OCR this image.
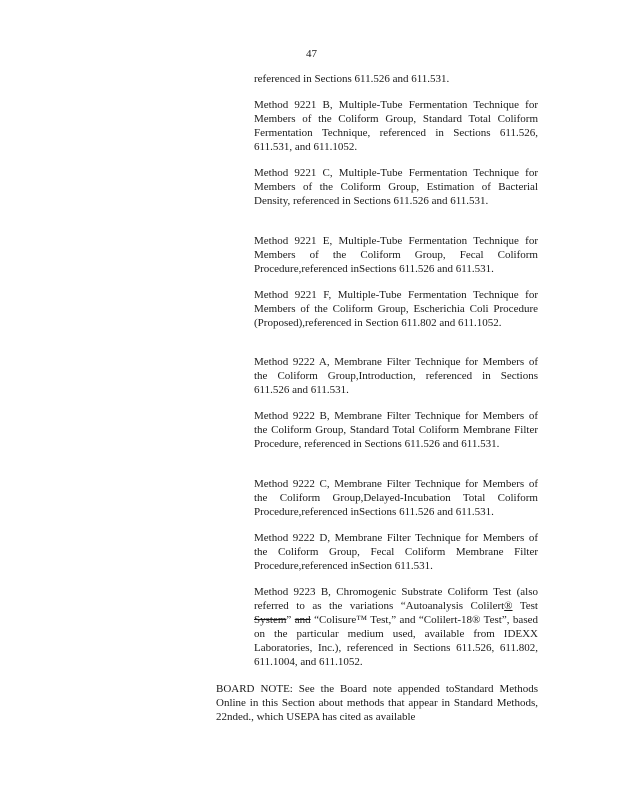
47
referenced in Sections 611.526 and 611.531.

Method 9221 B, Multiple-Tube Fermentation Technique for Members of the Coliform Group, Standard Total Coliform Fermentation Technique, referenced in Sections 611.526, 611.531, and 611.1052.

Method 9221 C, Multiple-Tube Fermentation Technique for Members of the Coliform Group, Estimation of Bacterial Density, referenced in Sections 611.526 and 611.531.

Method 9221 E, Multiple-Tube Fermentation Technique for Members of the Coliform Group, Fecal Coliform Procedure,referenced inSections 611.526 and 611.531.

Method 9221 F, Multiple-Tube Fermentation Technique for Members of the Coliform Group, Escherichia Coli Procedure (Proposed),referenced in Section 611.802 and 611.1052.

Method 9222 A, Membrane Filter Technique for Members of the Coliform Group,Introduction, referenced in Sections 611.526 and 611.531.

Method 9222 B, Membrane Filter Technique for Members of the Coliform Group, Standard Total Coliform Membrane Filter Procedure, referenced in Sections 611.526 and 611.531.

Method 9222 C, Membrane Filter Technique for Members of the Coliform Group,Delayed-Incubation Total Coliform Procedure,referenced inSections 611.526 and 611.531.

Method 9222 D, Membrane Filter Technique for Members of the Coliform Group, Fecal Coliform Membrane Filter Procedure,referenced inSection 611.531.

Method 9223 B, Chromogenic Substrate Coliform Test (also referred to as the variations “Autoanalysis Colilert® Test System” and “Colisure™ Test,” and “Colilert-18® Test”, based on the particular medium used, available from IDEXX Laboratories, Inc.), referenced in Sections 611.526, 611.802, 611.1004, and 611.1052.

BOARD NOTE: See the Board note appended toStandard Methods Online in this Section about methods that appear in Standard Methods, 22nded., which USEPA has cited as available
